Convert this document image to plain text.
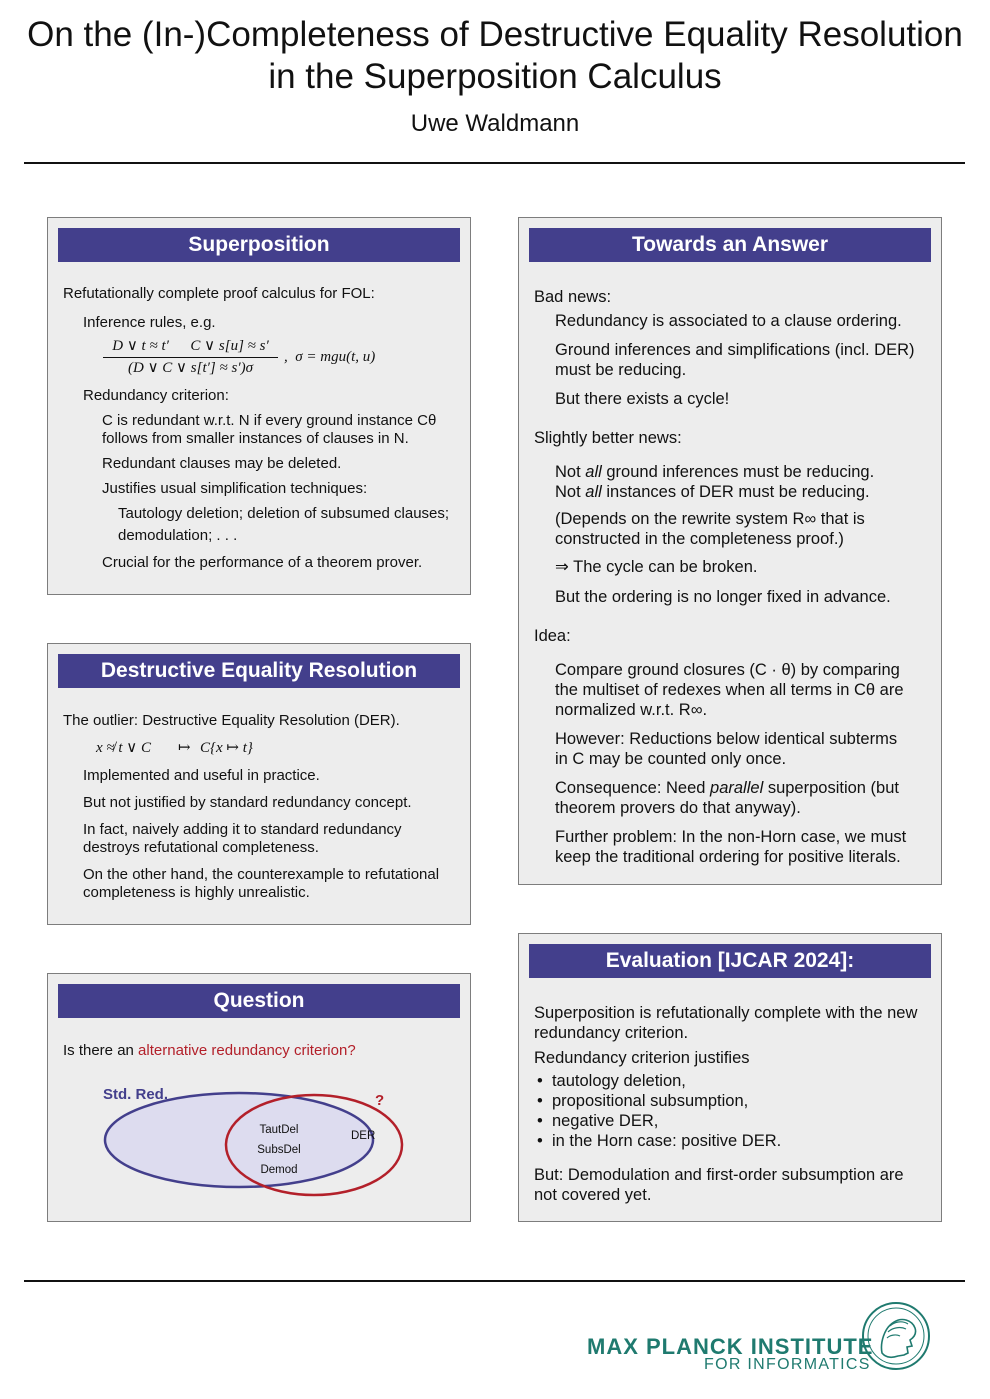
On the (In-)Completeness of Destructive Equality Resolution
in the Superposition Calculus
Uwe Waldmann
Superposition
Refutationally complete proof calculus for FOL:
Inference rules, e.g.
D ∨ t ≈ t′ C ∨ s[u] ≈ s′
(D ∨ C ∨ s[t′] ≈ s′)σ
,  σ = mgu(t, u)
Redundancy criterion:
C is redundant w.r.t. N if every ground instance Cθ
follows from smaller instances of clauses in N.
Redundant clauses may be deleted.
Justifies usual simplification techniques:
Tautology deletion; deletion of subsumed clauses;
demodulation; . . .
Crucial for the performance of a theorem prover.
Destructive Equality Resolution
The outlier: Destructive Equality Resolution (DER).
x ≉ t ∨ C ↦ C{x ↦ t}
Implemented and useful in practice.
But not justified by standard redundancy concept.
In fact, naively adding it to standard redundancy
destroys refutational completeness.
On the other hand, the counterexample to refutational
completeness is highly unrealistic.
Question
Is there an alternative redundancy criterion?
Std. Red.	?
TautDel
SubsDel
Demod
DER
Towards an Answer
Bad news:
Redundancy is associated to a clause ordering.
Ground inferences and simplifications (incl. DER)
must be reducing.
But there exists a cycle!
Slightly better news:
Not all ground inferences must be reducing.
Not all instances of DER must be reducing.
(Depends on the rewrite system R∞ that is
constructed in the completeness proof.)
⇒ The cycle can be broken.
But the ordering is no longer fixed in advance.
Idea:
Compare ground closures (C · θ) by comparing
the multiset of redexes when all terms in Cθ are
normalized w.r.t. R∞.
However: Reductions below identical subterms
in C may be counted only once.
Consequence: Need parallel superposition (but
theorem provers do that anyway).
Further problem: In the non-Horn case, we must
keep the traditional ordering for positive literals.
Evaluation [IJCAR 2024]:
Superposition is refutationally complete with the new
redundancy criterion.
Redundancy criterion justifies
•  tautology deletion,
•  propositional subsumption,
•  negative DER,
•  in the Horn case: positive DER.
But: Demodulation and first-order subsumption are
not covered yet.
MAX PLANCK INSTITUTE
FOR INFORMATICS
